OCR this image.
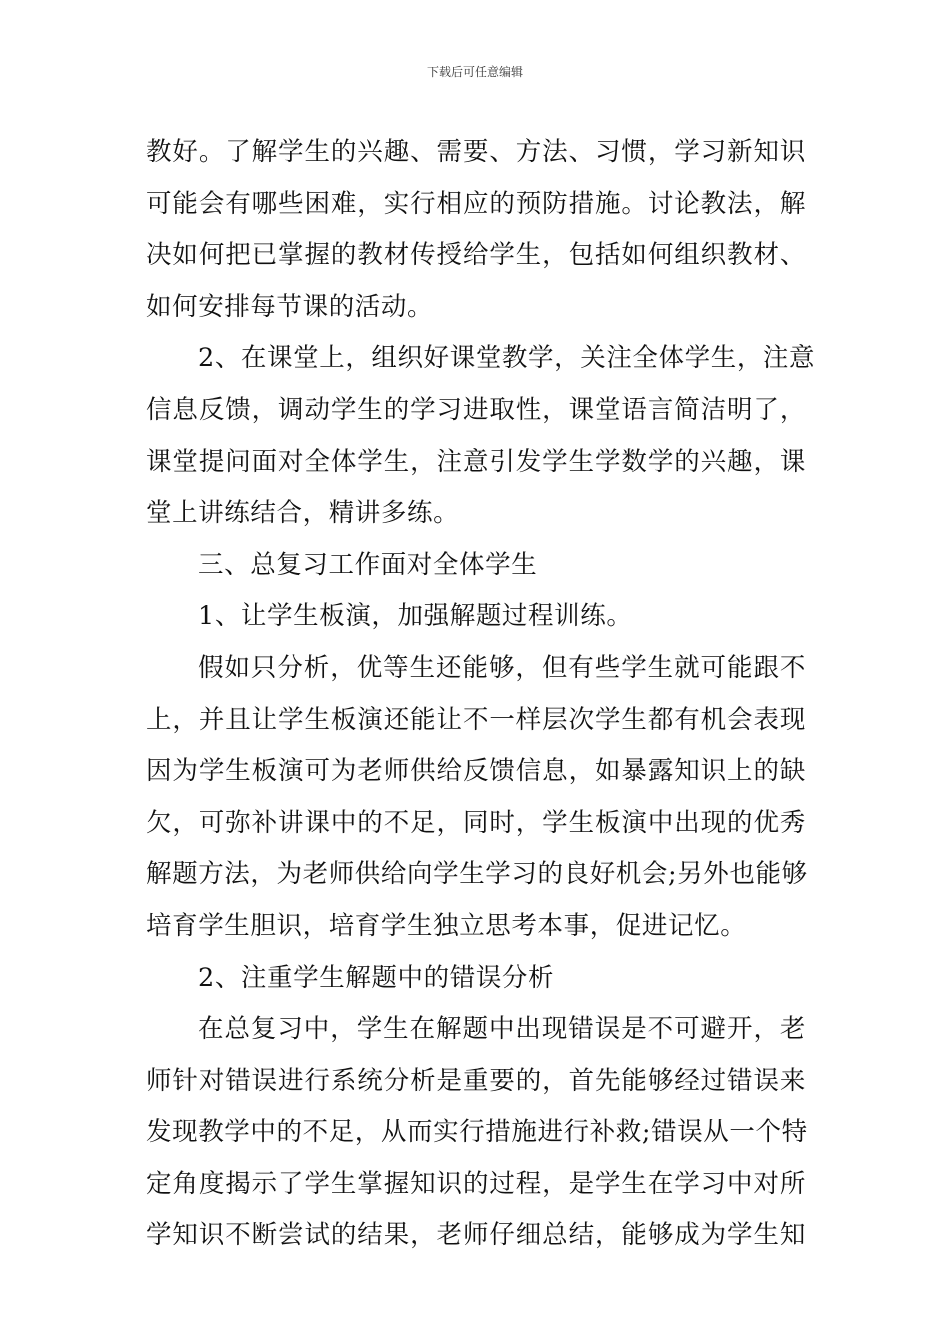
下载后可任意编辑
教好。了解学生的兴趣、需要、方法、习惯，学习新知识
可能会有哪些困难，实行相应的预防措施。讨论教法，解
决如何把已掌握的教材传授给学生，包括如何组织教材、
如何安排每节课的活动。
2、在课堂上，组织好课堂教学，关注全体学生，注意
信息反馈，调动学生的学习进取性，课堂语言简洁明了，
课堂提问面对全体学生，注意引发学生学数学的兴趣，课
堂上讲练结合，精讲多练。
三、总复习工作面对全体学生
1、让学生板演，加强解题过程训练。
假如只分析，优等生还能够，但有些学生就可能跟不
上，并且让学生板演还能让不一样层次学生都有机会表现
因为学生板演可为老师供给反馈信息，如暴露知识上的缺
欠，可弥补讲课中的不足，同时，学生板演中出现的优秀
解题方法，为老师供给向学生学习的良好机会;另外也能够
培育学生胆识，培育学生独立思考本事，促进记忆。
2、注重学生解题中的错误分析
在总复习中，学生在解题中出现错误是不可避开，老
师针对错误进行系统分析是重要的，首先能够经过错误来
发现教学中的不足，从而实行措施进行补救;错误从一个特
定角度揭示了学生掌握知识的过程，是学生在学习中对所
学知识不断尝试的结果，老师仔细总结，能够成为学生知
